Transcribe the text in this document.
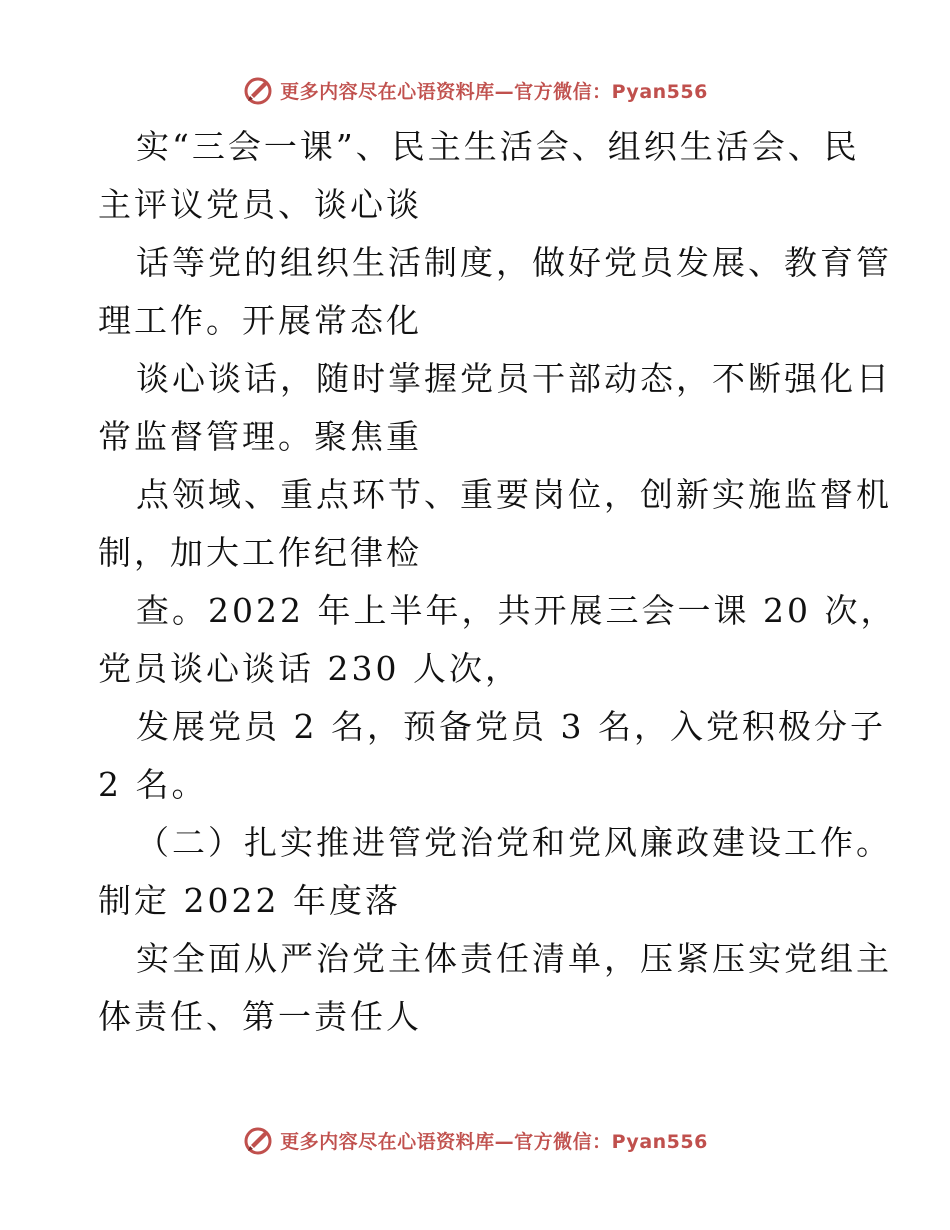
更多内容尽在心语资料库—官方微信：Pyan556
实“三会一课”、民主生活会、组织生活会、民
主评议党员、谈心谈
话等党的组织生活制度，做好党员发展、教育管
理工作。开展常态化
谈心谈话，随时掌握党员干部动态，不断强化日
常监督管理。聚焦重
点领域、重点环节、重要岗位，创新实施监督机
制，加大工作纪律检
查。2022 年上半年，共开展三会一课 20 次，
党员谈心谈话 230 人次，
发展党员 2 名，预备党员 3 名，入党积极分子
2 名。
（二）扎实推进管党治党和党风廉政建设工作。
制定 2022 年度落
实全面从严治党主体责任清单，压紧压实党组主
体责任、第一责任人
更多内容尽在心语资料库—官方微信：Pyan556
